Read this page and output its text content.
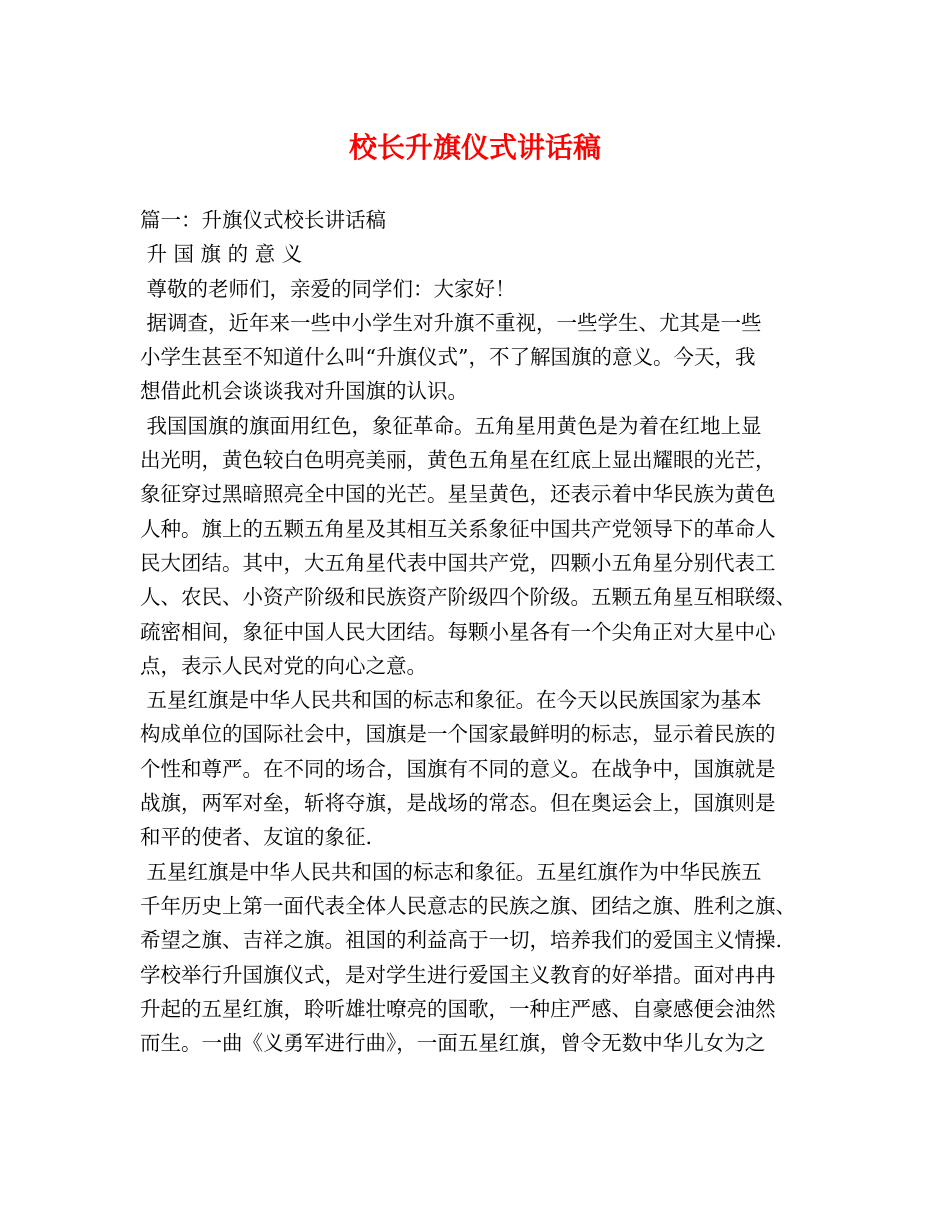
校长升旗仪式讲话稿
篇一：升旗仪式校长讲话稿
升 国 旗 的 意 义
尊敬的老师们，亲爱的同学们：大家好！
据调查，近年来一些中小学生对升旗不重视，一些学生、尤其是一些
小学生甚至不知道什么叫“升旗仪式”，不了解国旗的意义。今天，我
想借此机会谈谈我对升国旗的认识。
我国国旗的旗面用红色，象征革命。五角星用黄色是为着在红地上显
出光明，黄色较白色明亮美丽，黄色五角星在红底上显出耀眼的光芒，
象征穿过黑暗照亮全中国的光芒。星呈黄色，还表示着中华民族为黄色
人种。旗上的五颗五角星及其相互关系象征中国共产党领导下的革命人
民大团结。其中，大五角星代表中国共产党，四颗小五角星分别代表工
人、农民、小资产阶级和民族资产阶级四个阶级。五颗五角星互相联缀、
疏密相间，象征中国人民大团结。每颗小星各有一个尖角正对大星中心
点，表示人民对党的向心之意。
五星红旗是中华人民共和国的标志和象征。在今天以民族国家为基本
构成单位的国际社会中，国旗是一个国家最鲜明的标志，显示着民族的
个性和尊严。在不同的场合，国旗有不同的意义。在战争中，国旗就是
战旗，两军对垒，斩将夺旗，是战场的常态。但在奥运会上，国旗则是
和平的使者、友谊的象征.
五星红旗是中华人民共和国的标志和象征。五星红旗作为中华民族五
千年历史上第一面代表全体人民意志的民族之旗、团结之旗、胜利之旗、
希望之旗、吉祥之旗。祖国的利益高于一切，培养我们的爱国主义情操.
学校举行升国旗仪式，是对学生进行爱国主义教育的好举措。面对冉冉
升起的五星红旗，聆听雄壮嘹亮的国歌，一种庄严感、自豪感便会油然
而生。一曲《义勇军进行曲》，一面五星红旗，曾令无数中华儿女为之
